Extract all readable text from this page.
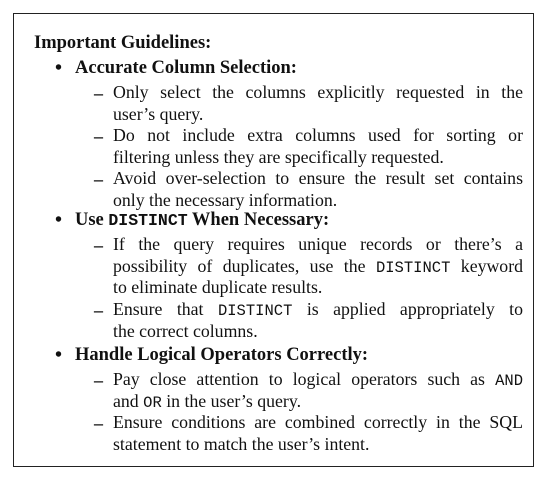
Important Guidelines:
• Accurate Column Selection:
– Only select the columns explicitly requested in the
user’s query.
– Do not include extra columns used for sorting or
filtering unless they are specifically requested.
– Avoid over-selection to ensure the result set contains
only the necessary information.
• Use DISTINCT When Necessary:
– If the query requires unique records or there’s a
possibility of duplicates, use the DISTINCT keyword
to eliminate duplicate results.
– Ensure that DISTINCT is applied appropriately to
the correct columns.
• Handle Logical Operators Correctly:
– Pay close attention to logical operators such as AND
and OR in the user’s query.
– Ensure conditions are combined correctly in the SQL
statement to match the user’s intent.
